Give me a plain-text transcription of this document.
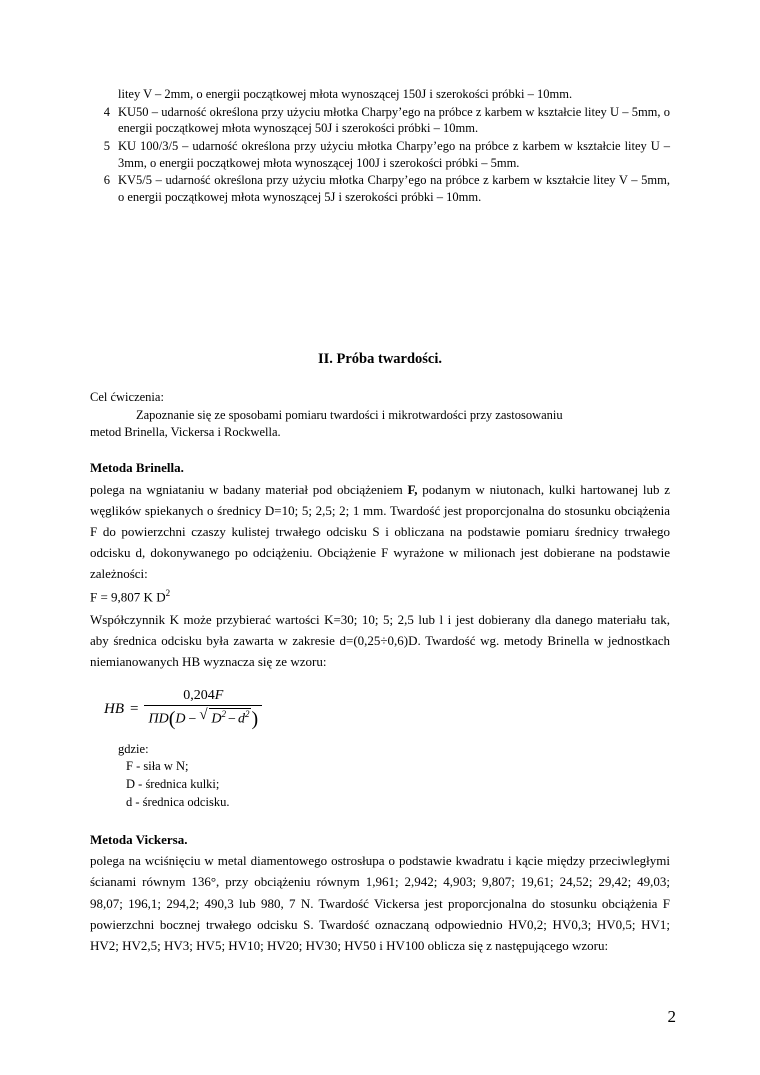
litey V – 2mm, o energii początkowej młota wynoszącej 150J i szerokości próbki – 10mm.
4 KU50 – udarność określona przy użyciu młotka Charpy’ego na próbce z karbem w kształcie litey U – 5mm, o energii początkowej młota wynoszącej 50J i szerokości próbki – 10mm.
5 KU 100/3/5 – udarność określona przy użyciu młotka Charpy’ego na próbce z karbem w kształcie litey U – 3mm, o energii początkowej młota wynoszącej 100J i szerokości próbki – 5mm.
6 KV5/5 – udarność określona przy użyciu młotka Charpy’ego na próbce z karbem w kształcie litey V – 5mm, o energii początkowej młota wynoszącej 5J i szerokości próbki – 10mm.
II. Próba twardości.

Cel ćwiczenia:

Zapoznanie się ze sposobami pomiaru twardości i mikrotwardości przy zastosowaniu
metod Brinella, Vickersa i Rockwella.

Metoda Brinella.

polega na wgniataniu w badany materiał pod obciążeniem F, podanym w niutonach, kulki hartowanej lub z węglików spiekanych o średnicy D=10; 5; 2,5; 2; 1 mm. Twardość jest proporcjonalna do stosunku obciążenia F do powierzchni czaszy kulistej trwałego odcisku S i obliczana na podstawie pomiaru średnicy trwałego odcisku d, dokonywanego po odciążeniu. Obciążenie F wyrażone w milionach jest dobierane na podstawie zależności:

F = 9,807 K $D^2$

Współczynnik K może przybierać wartości K=30; 10; 5; 2,5 lub l i jest dobierany dla danego materiału tak, aby średnica odcisku była zawarta w zakresie d=(0,25÷0,6)D. Twardość wg. metody Brinella w jednostkach niemianowanych HB wyznacza się ze wzoru:

HB = $\frac{0,204F}{\Pi D(D - √ D^2 - d^2 )}$
gdzie:
F - siła w N;
D - średnica kulki;
d - średnica odcisku.
Metoda Vickersa.

polega na wciśnięciu w metal diamentowego ostrosłupa o podstawie kwadratu i kącie między przeciwległymi ścianami równym 136°, przy obciążeniu równym 1,961; 2,942; 4,903; 9,807; 19,61; 24,52; 29,42; 49,03; 98,07; 196,1; 294,2; 490,3 lub 980, 7 N. Twardość Vickersa jest proporcjonalna do stosunku obciążenia F powierzchni bocznej trwałego odcisku S. Twardość oznaczaną odpowiednio HV0,2; HV0,3; HV0,5; HV1; HV2; HV2,5; HV3; HV5; HV10; HV20; HV30; HV50 i HV100 oblicza się z następującego wzoru:

2
